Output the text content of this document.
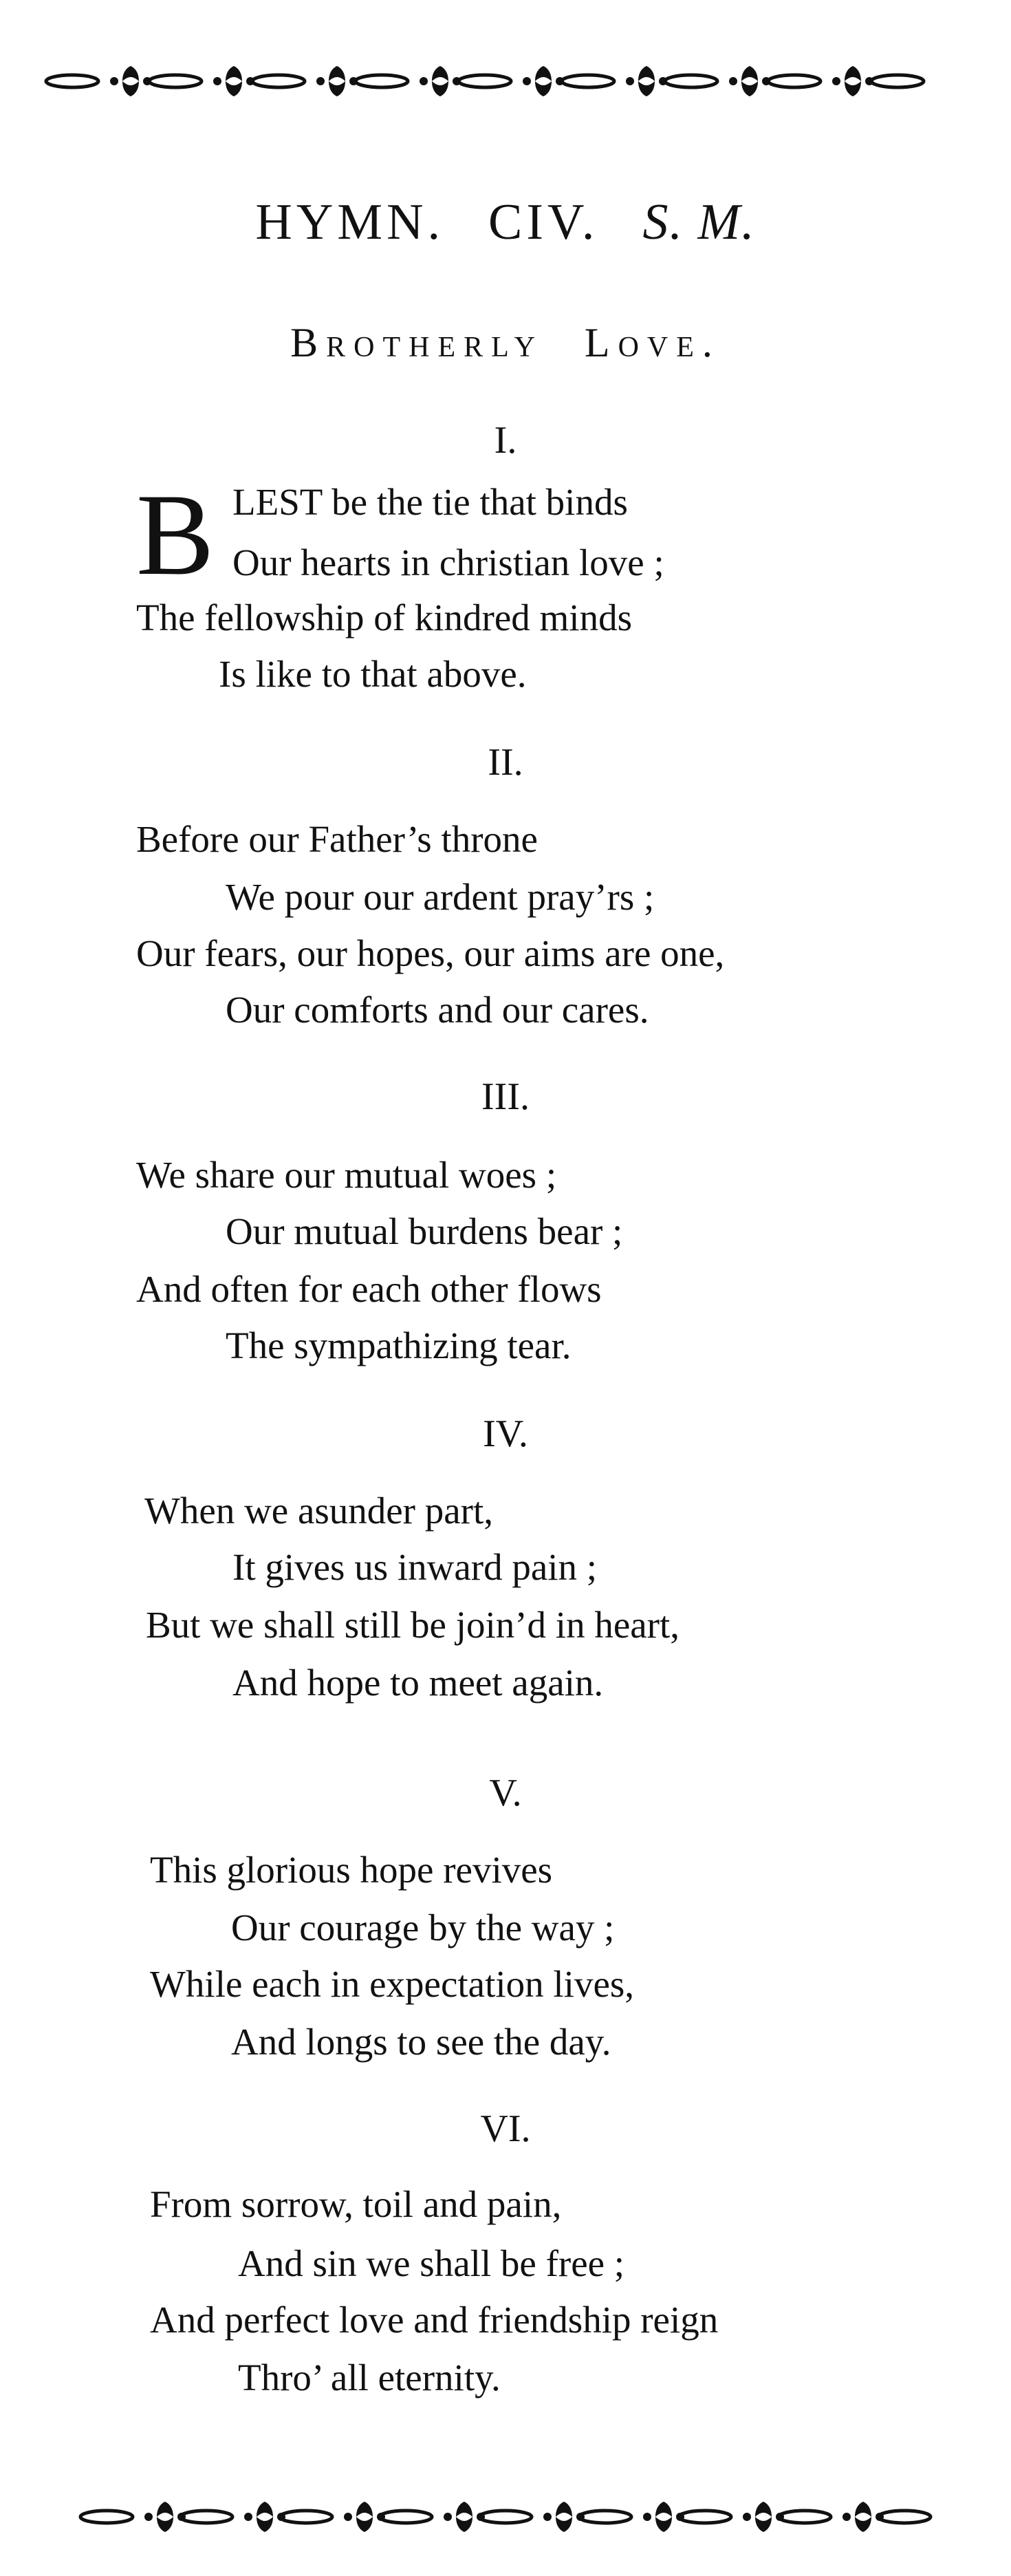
HYMN. CIV. S. M.
Brotherly Love.
I.
B LEST be the tie that binds
Our hearts in christian love ;
The fellowship of kindred minds
Is like to that above.
II.
Before our Father’s throne
We pour our ardent pray’rs ;
Our fears, our hopes, our aims are one,
Our comforts and our cares.
III.
We share our mutual woes ;
Our mutual burdens bear ;
And often for each other flows
The sympathizing tear.
IV.
When we asunder part,
It gives us inward pain ;
But we shall still be join’d in heart,
And hope to meet again.
V.
This glorious hope revives
Our courage by the way ;
While each in expectation lives,
And longs to see the day.
VI.
From sorrow, toil and pain,
And sin we shall be free ;
And perfect love and friendship reign
Thro’ all eternity.
